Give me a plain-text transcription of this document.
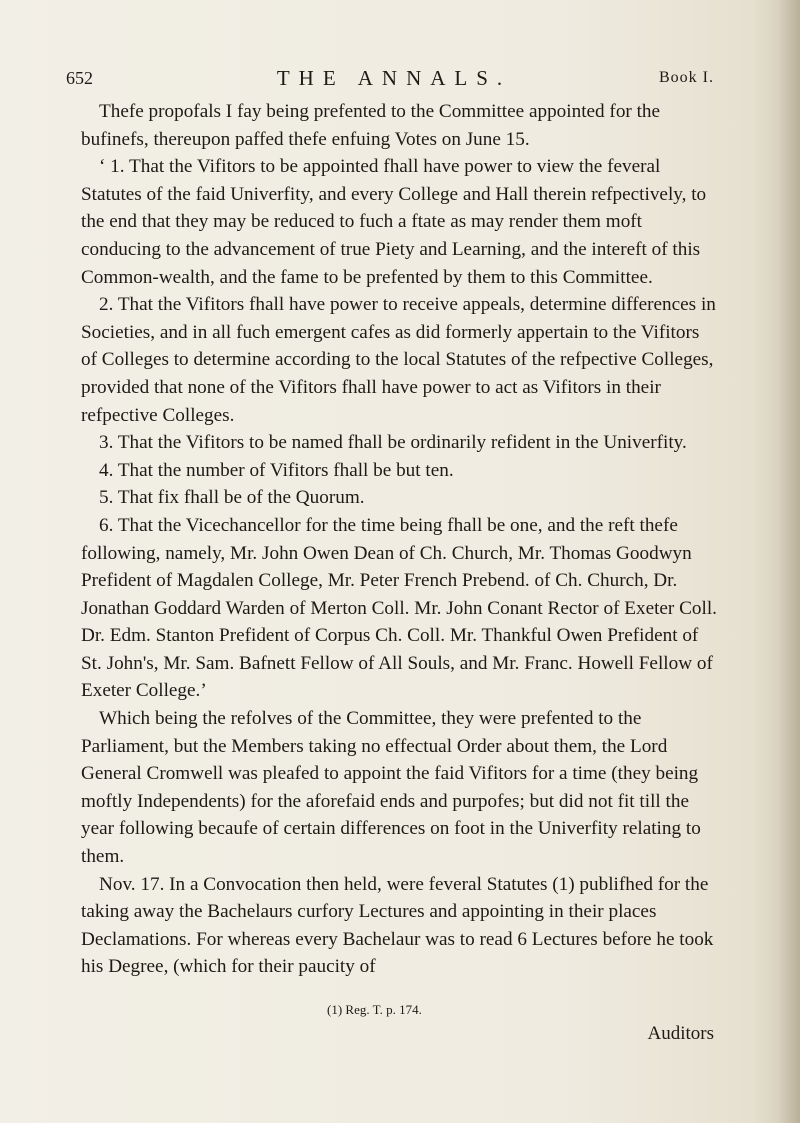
652	THE ANNALS.	Book I.

Thefe propofals I fay being prefented to the Committee appointed for the bufinefs, thereupon paffed thefe enfuing Votes on June 15.

‘ 1. That the Vifitors to be appointed fhall have power to view the feveral Statutes of the faid Univerfity, and every College and Hall therein refpectively, to the end that they may be reduced to fuch a ftate as may render them moft conducing to the advancement of true Piety and Learning, and the intereft of this Common-wealth, and the fame to be prefented by them to this Committee.

2. That the Vifitors fhall have power to receive appeals, determine differences in Societies, and in all fuch emergent cafes as did formerly appertain to the Vifitors of Colleges to determine according to the local Statutes of the refpective Colleges, provided that none of the Vifitors fhall have power to act as Vifitors in their refpective Colleges.

3. That the Vifitors to be named fhall be ordinarily refident in the Univerfity.

4. That the number of Vifitors fhall be but ten.

5. That fix fhall be of the Quorum.

6. That the Vicechancellor for the time being fhall be one, and the reft thefe following, namely, Mr. John Owen Dean of Ch. Church, Mr. Thomas Goodwyn Prefident of Magdalen College, Mr. Peter French Prebend. of Ch. Church, Dr. Jonathan Goddard Warden of Merton Coll. Mr. John Conant Rector of Exeter Coll. Dr. Edm. Stanton Prefident of Corpus Ch. Coll. Mr. Thankful Owen Prefident of St. John's, Mr. Sam. Bafnett Fellow of All Souls, and Mr. Franc. Howell Fellow of Exeter College.’

Which being the refolves of the Committee, they were prefented to the Parliament, but the Members taking no effectual Order about them, the Lord General Cromwell was pleafed to appoint the faid Vifitors for a time (they being moftly Independents) for the aforefaid ends and purpofes; but did not fit till the year following becaufe of certain differences on foot in the Univerfity relating to them.

Nov. 17. In a Convocation then held, were feveral Statutes (1) publifhed for the taking away the Bachelaurs curfory Lectures and appointing in their places Declamations. For whereas every Bachelaur was to read 6 Lectures before he took his Degree, (which for their paucity of

(1) Reg. T. p. 174.
Auditors
